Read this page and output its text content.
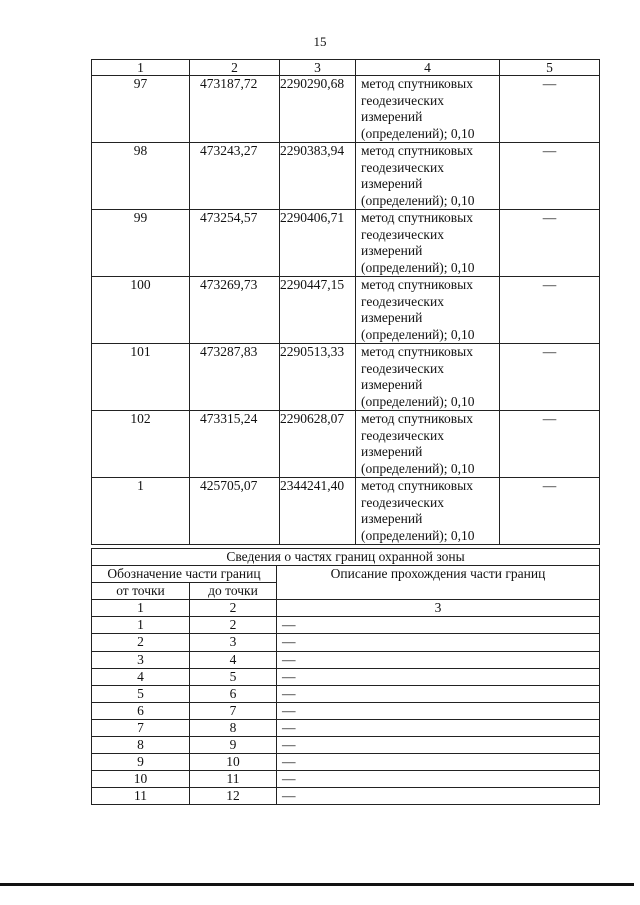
15
1	2	3	4	5
97	473187,72	2290290,68	метод спутниковых
геодезических
измерений
(определений); 0,10	—
98	473243,27	2290383,94	метод спутниковых
геодезических
измерений
(определений); 0,10	—
99	473254,57	2290406,71	метод спутниковых
геодезических
измерений
(определений); 0,10	—
100	473269,73	2290447,15	метод спутниковых
геодезических
измерений
(определений); 0,10	—
101	473287,83	2290513,33	метод спутниковых
геодезических
измерений
(определений); 0,10	—
102	473315,24	2290628,07	метод спутниковых
геодезических
измерений
(определений); 0,10	—
1	425705,07	2344241,40	метод спутниковых
геодезических
измерений
(определений); 0,10	—
Сведения о частях границ охранной зоны		
Обозначение части границ		Описание прохождения части границ
от точки	до точки	
1	2	3
1	2	—
2	3	—
3	4	—
4	5	—
5	6	—
6	7	—
7	8	—
8	9	—
9	10	—
10	11	—
11	12	—
